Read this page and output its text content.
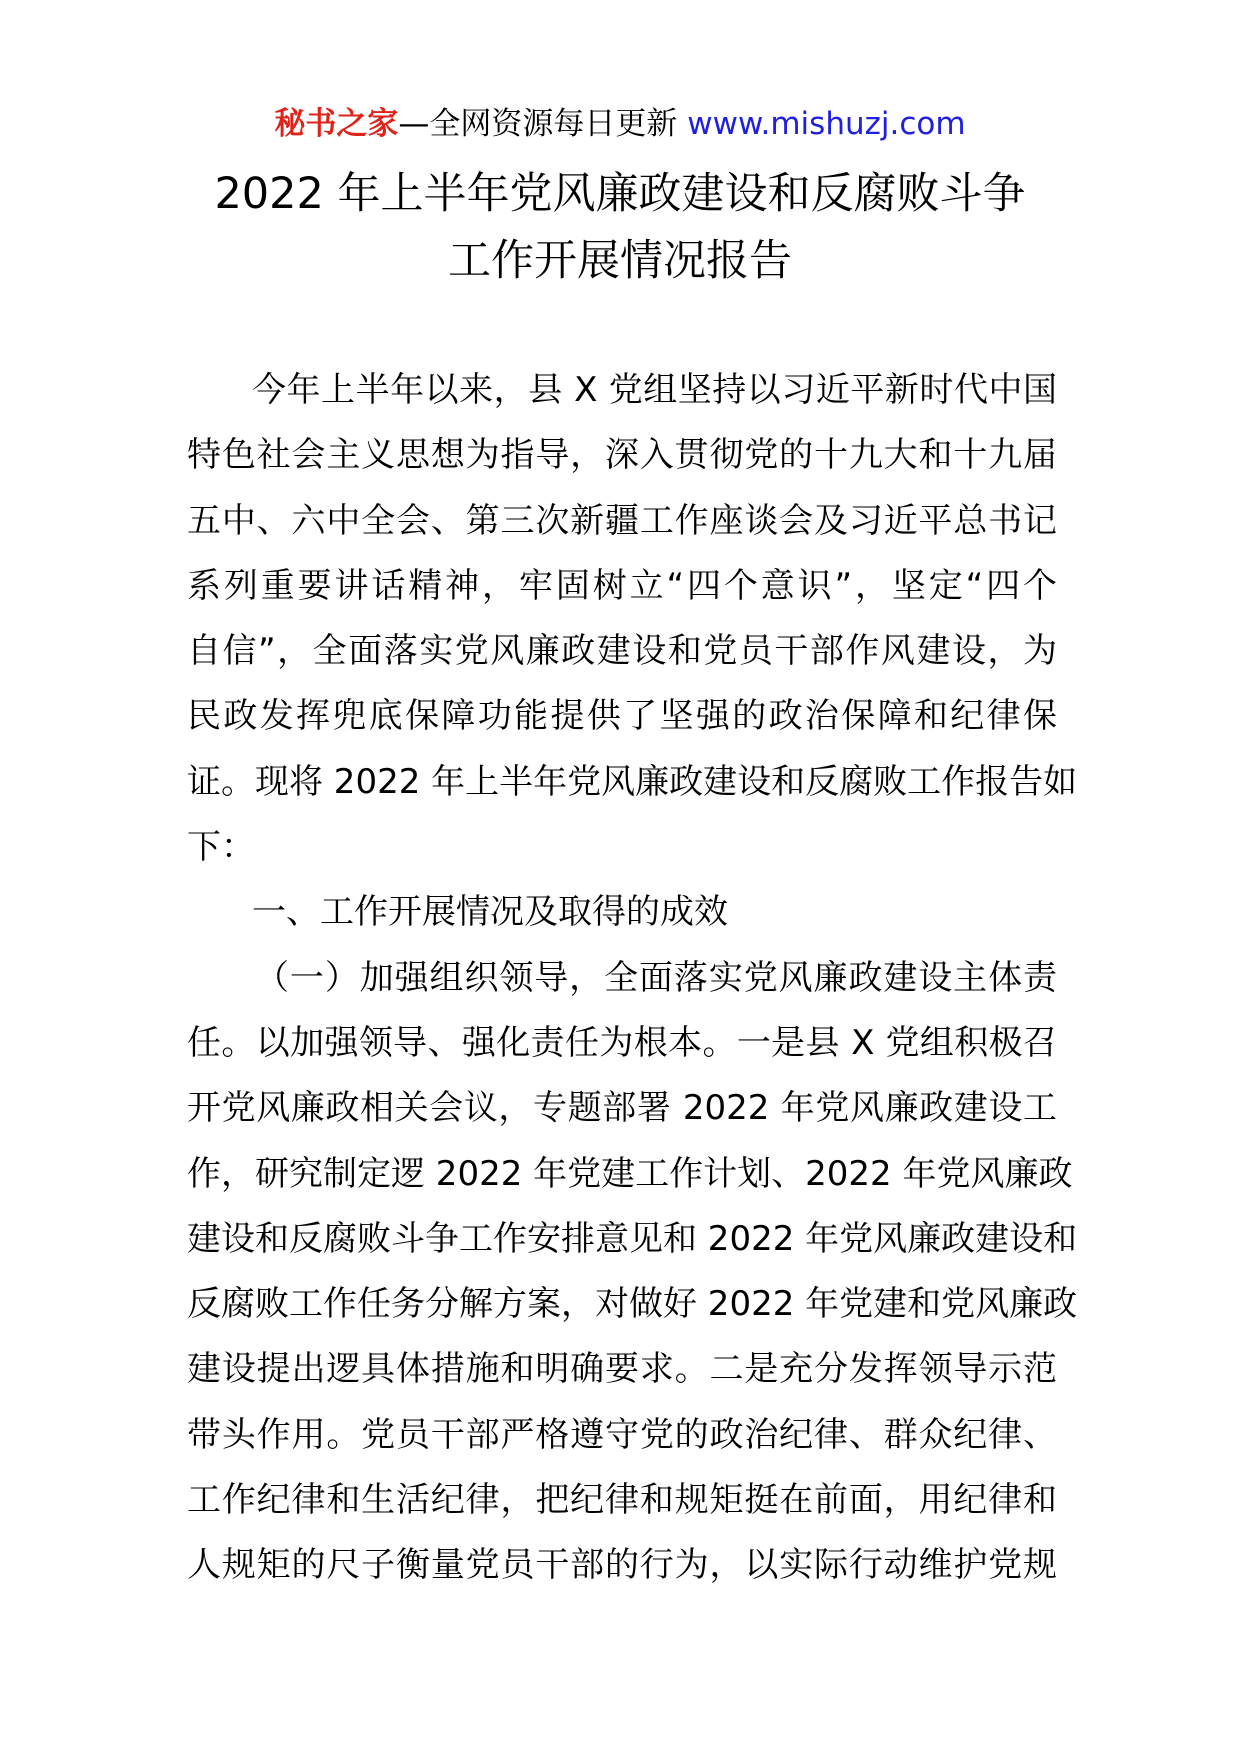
秘书之家—全网资源每日更新 www.mishuzj.com
2022 年上半年党风廉政建设和反腐败斗争
工作开展情况报告
今年上半年以来，县 X 党组坚持以习近平新时代中国
特色社会主义思想为指导，深入贯彻党的十九大和十九届
五中、六中全会、第三次新疆工作座谈会及习近平总书记
系列重要讲话精神，牢固树立“四个意识”，坚定“四个
自信”，全面落实党风廉政建设和党员干部作风建设，为
民政发挥兜底保障功能提供了坚强的政治保障和纪律保
证。现将 2022 年上半年党风廉政建设和反腐败工作报告如
下：
一、工作开展情况及取得的成效
（一）加强组织领导，全面落实党风廉政建设主体责
任。以加强领导、强化责任为根本。一是县 X 党组积极召
开党风廉政相关会议，专题部署 2022 年党风廉政建设工
作，研究制定逻 2022 年党建工作计划、2022 年党风廉政
建设和反腐败斗争工作安排意见和 2022 年党风廉政建设和
反腐败工作任务分解方案，对做好 2022 年党建和党风廉政
建设提出逻具体措施和明确要求。二是充分发挥领导示范
带头作用。党员干部严格遵守党的政治纪律、群众纪律、
工作纪律和生活纪律，把纪律和规矩挺在前面，用纪律和
人规矩的尺子衡量党员干部的行为，以实际行动维护党规
